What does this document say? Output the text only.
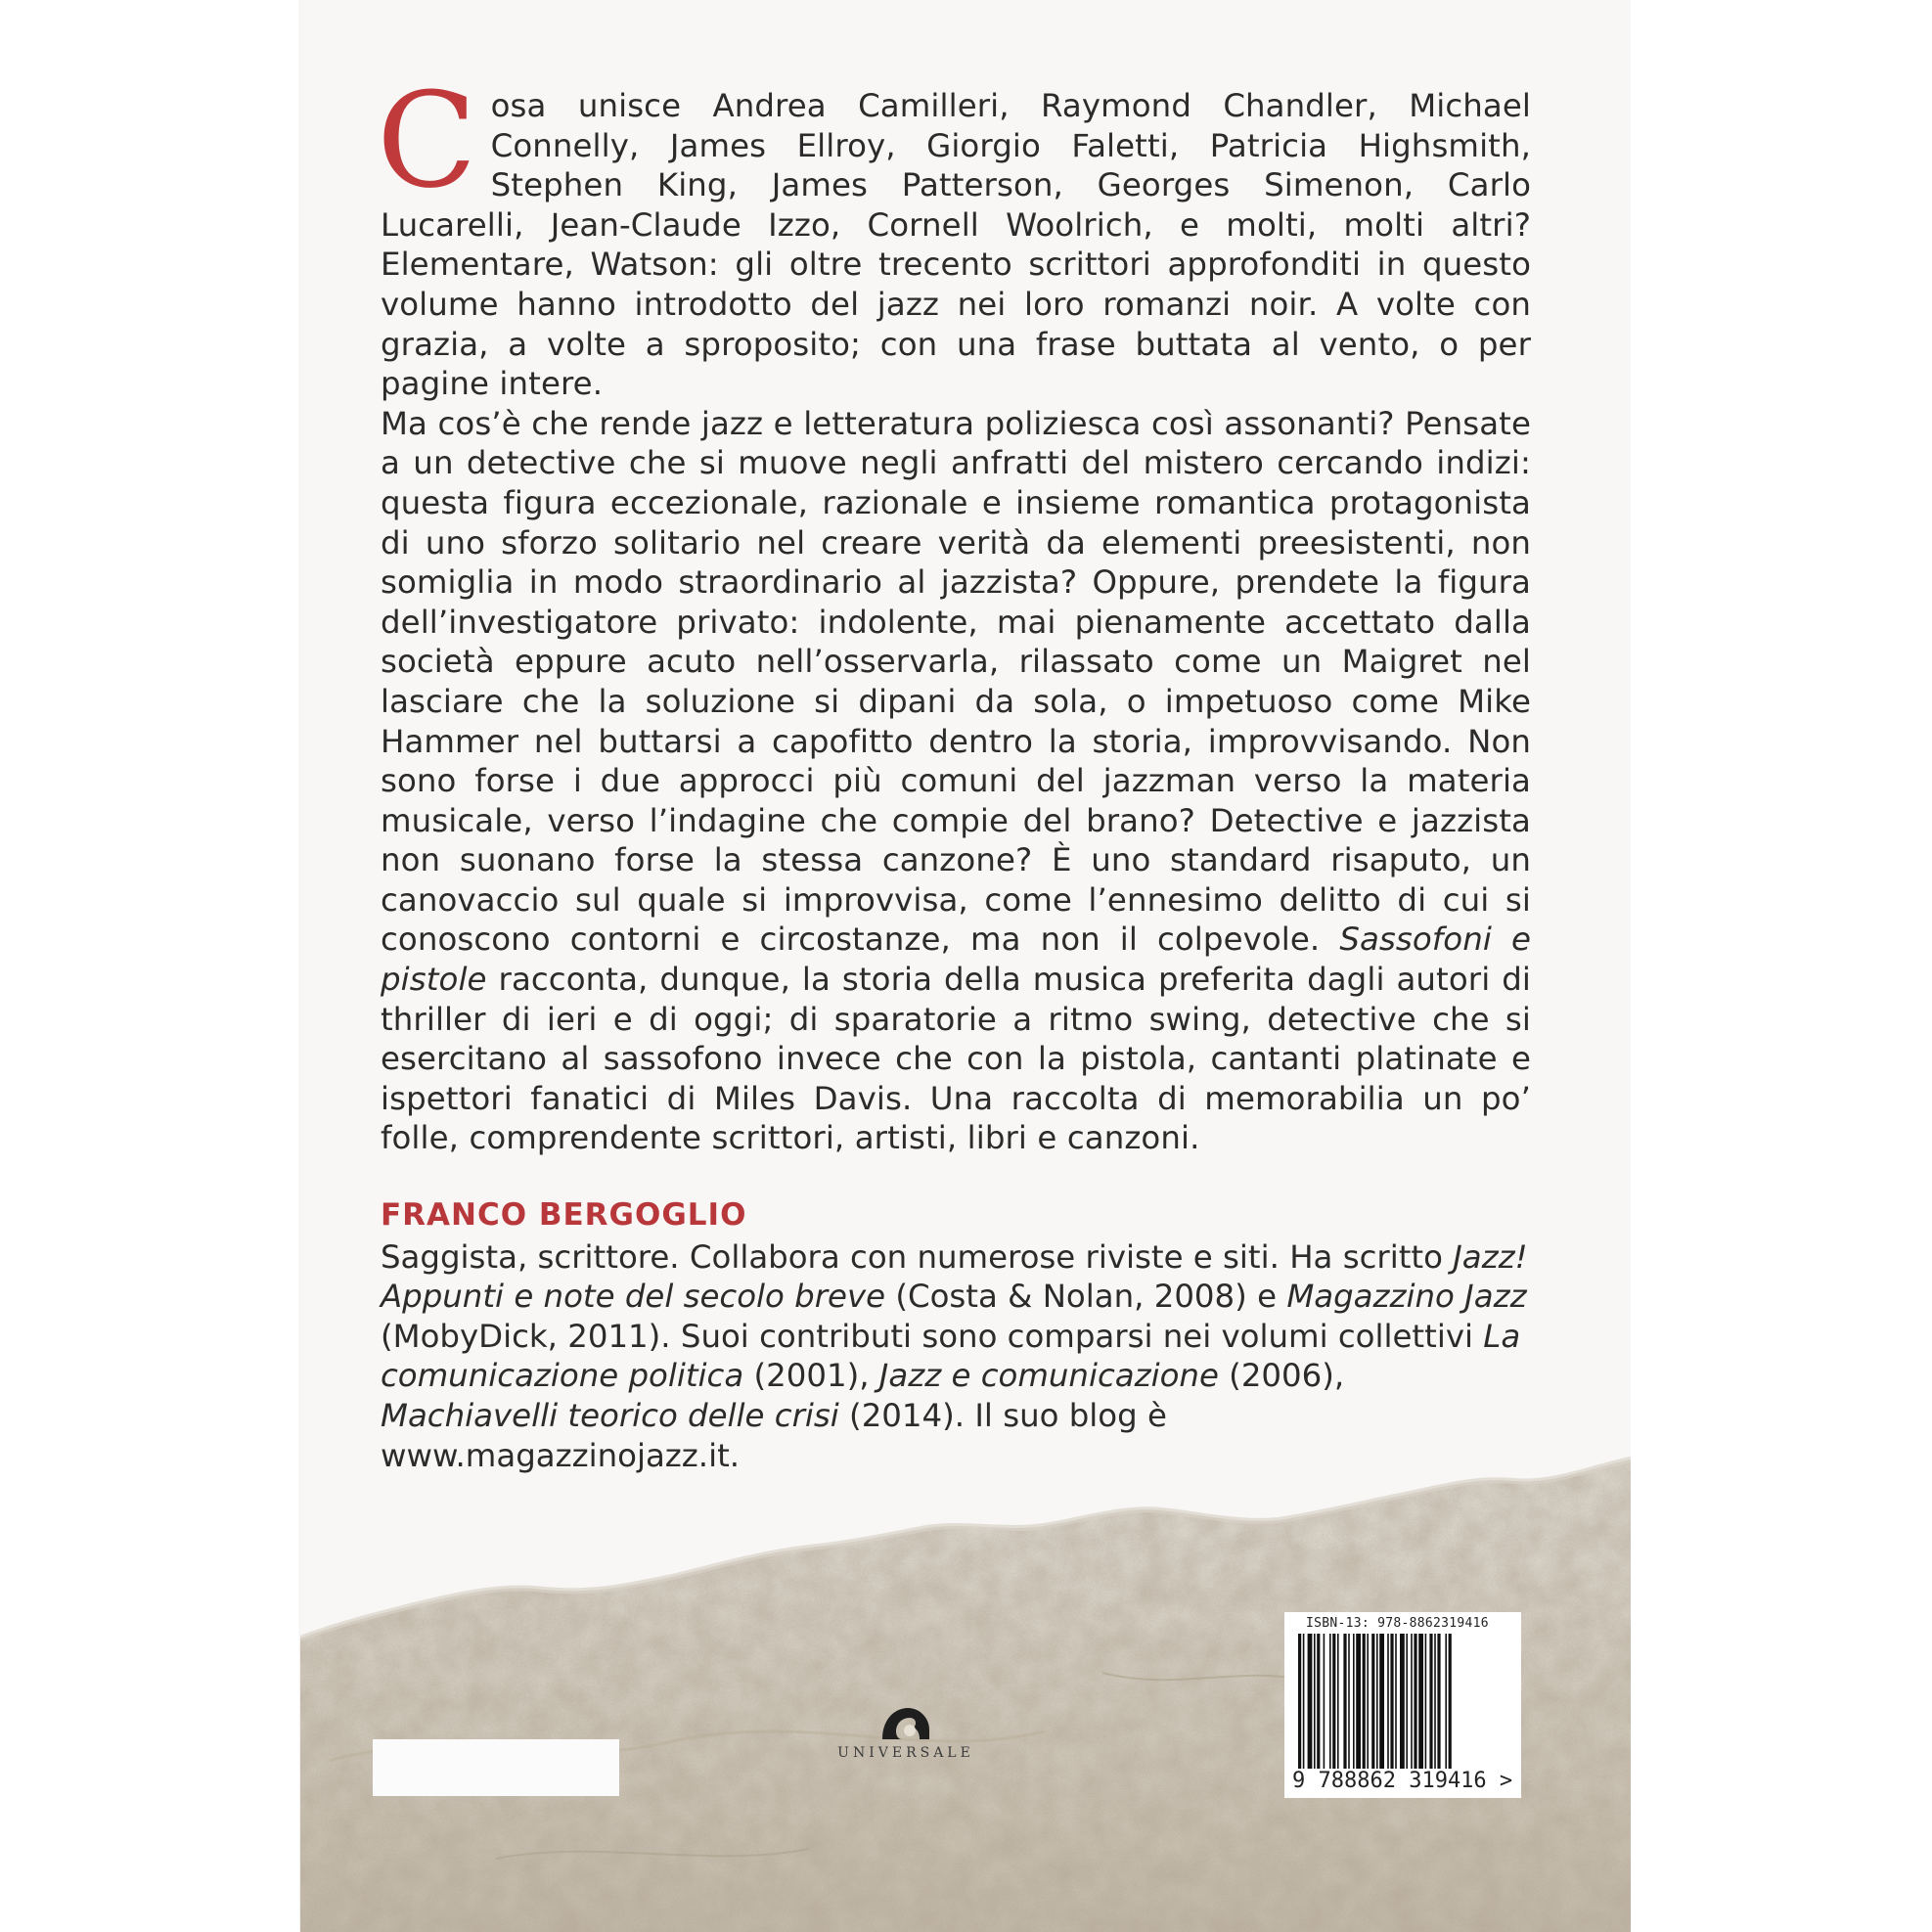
C osa unisce Andrea Camilleri, Raymond Chandler, Michael Connelly, James Ellroy, Giorgio Faletti, Patricia Highsmith, Stephen King, James Patterson, Georges Simenon, Carlo Lucarelli, Jean-Claude Izzo, Cornell Woolrich, e molti, molti altri? Elementare, Watson: gli oltre trecento scrittori approfonditi in questo volume hanno introdotto del jazz nei loro romanzi noir. A volte con grazia, a volte a sproposito; con una frase buttata al vento, o per pagine intere.

Ma cos’è che rende jazz e letteratura poliziesca così assonanti? Pensate a un detective che si muove negli anfratti del mistero cercando indizi: questa figura eccezionale, razionale e insieme romantica protagonista di uno sforzo solitario nel creare verità da elementi preesistenti, non somiglia in modo straordinario al jazzista? Oppure, prendete la figura dell’investigatore privato: indolente, mai pienamente accettato dalla società eppure acuto nell’osservarla, rilassato come un Maigret nel lasciare che la soluzione si dipani da sola, o impetuoso come Mike Hammer nel buttarsi a capofitto dentro la storia, improvvisando. Non sono forse i due approcci più comuni del jazzman verso la materia musicale, verso l’indagine che compie del brano? Detective e jazzista non suonano forse la stessa canzone? È uno standard risaputo, un canovaccio sul quale si improvvisa, come l’ennesimo delitto di cui si conoscono contorni e circostanze, ma non il colpevole. Sassofoni e pistole racconta, dunque, la storia della musica preferita dagli autori di thriller di ieri e di oggi; di sparatorie a ritmo swing, detective che si esercitano al sassofono invece che con la pistola, cantanti platinate e ispettori fanatici di Miles Davis. Una raccolta di memorabilia un po’ folle, comprendente scrittori, artisti, libri e canzoni.

FRANCO BERGOGLIO

Saggista, scrittore. Collabora con numerose riviste e siti. Ha scritto Jazz! Appunti e note del secolo breve (Costa & Nolan, 2008) e Magazzino Jazz (MobyDick, 2011). Suoi contributi sono comparsi nei volumi collettivi La comunicazione politica (2001), Jazz e comunicazione (2006), Machiavelli teorico delle crisi (2014). Il suo blog è www.magazzinojazz.it.

UNIVERSALE
ISBN-13: 978-8862319416
9 788862 319416 >
